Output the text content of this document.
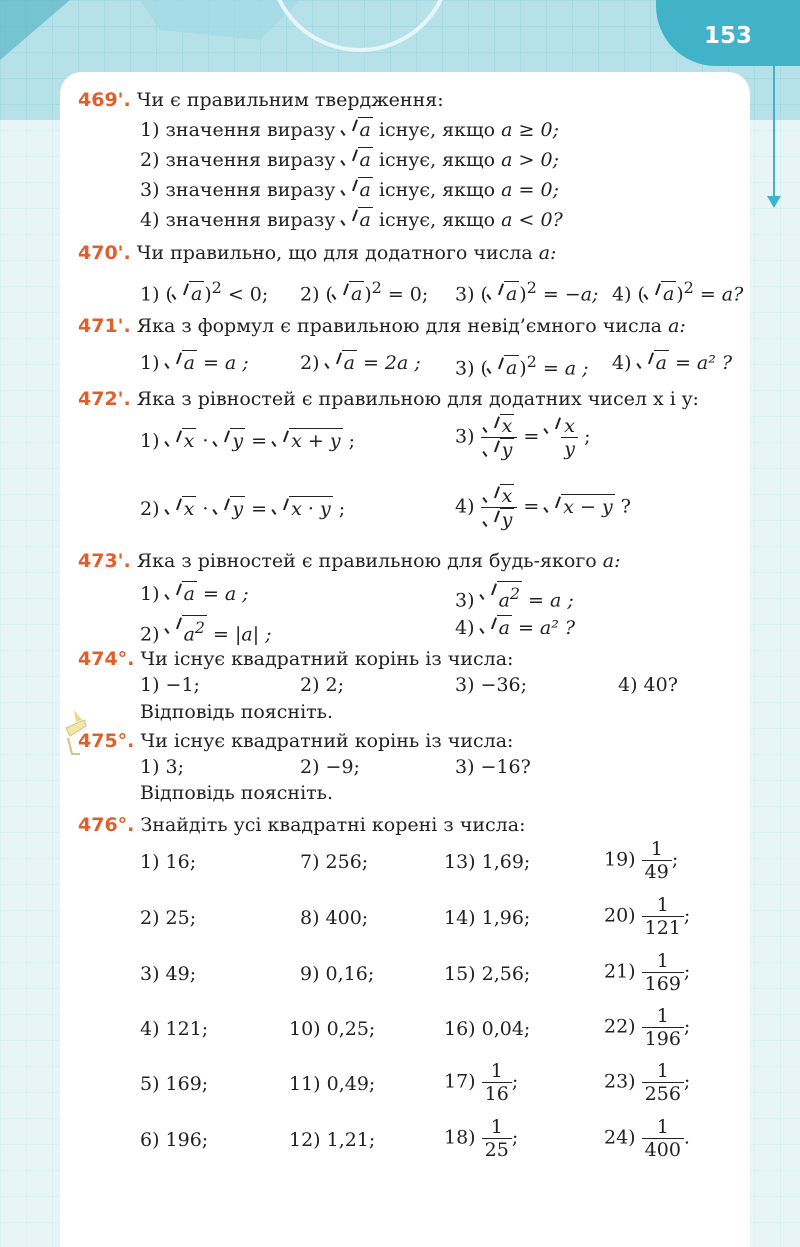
153
469'. Чи є правильним твердження:
1) значення виразу a існує, якщо a ≥ 0;
2) значення виразу a існує, якщо a > 0;
3) значення виразу a існує, якщо a = 0;
4) значення виразу a існує, якщо a < 0?
470'. Чи правильно, що для додатного числа a:
1) ( a )$^2$ < 0; 2) ( a )$^2$ = 0; 3) ( a )$^2$ = −a; 4) ( a )$^2$ = a?
471'. Яка з формул є правильною для невід’ємного числа a:
1) a = a ;	2) a = 2a ; 3) ( a )$^2$ = a ; 4) a = a² ?
472'. Яка з рівностей є правильною для додатних чисел x і y:
1) x · y = x + y ;
2) x · y = x · y ;
$3) \frac{x}{y} = \frac{x}{y}$ ;
$4) \frac{x}{y} = x - y$ ?
473'. Яка з рівностей є правильною для будь-якого a:
1) a = a ;
2) $a^2 = |a|$ ;
3) $a^2 = a$ ;
4) a = a² ?
474°. Чи існує квадратний корінь із числа:
1) −1;	2) 2;	3) −36;	4) 40?
Відповідь поясніть.
475°. Чи існує квадратний корінь із числа:
1) 3;	2) −9;	3) −16?
Відповідь поясніть.
476°. Знайдіть усі квадратні корені з числа:
1) 16;
2) 25;
3) 49;
4) 121;
5) 169;
6) 196;
7) 256;
8) 400;
9) 0,16;
10) 0,25;
11) 0,49;
12) 1,21;
13) 1,69;
14) 1,96;
15) 2,56;
16) 0,04;
$17) \frac{1}{16}$ ;
$18) \frac{1}{25}$ ;
$19) \frac{1}{49}$ ;
$20) \frac{1}{121}$ ;
$21) \frac{1}{169}$ ;
$22) \frac{1}{196}$ ;
$23) \frac{1}{256}$ ;
$24) \frac{1}{400}$ .
